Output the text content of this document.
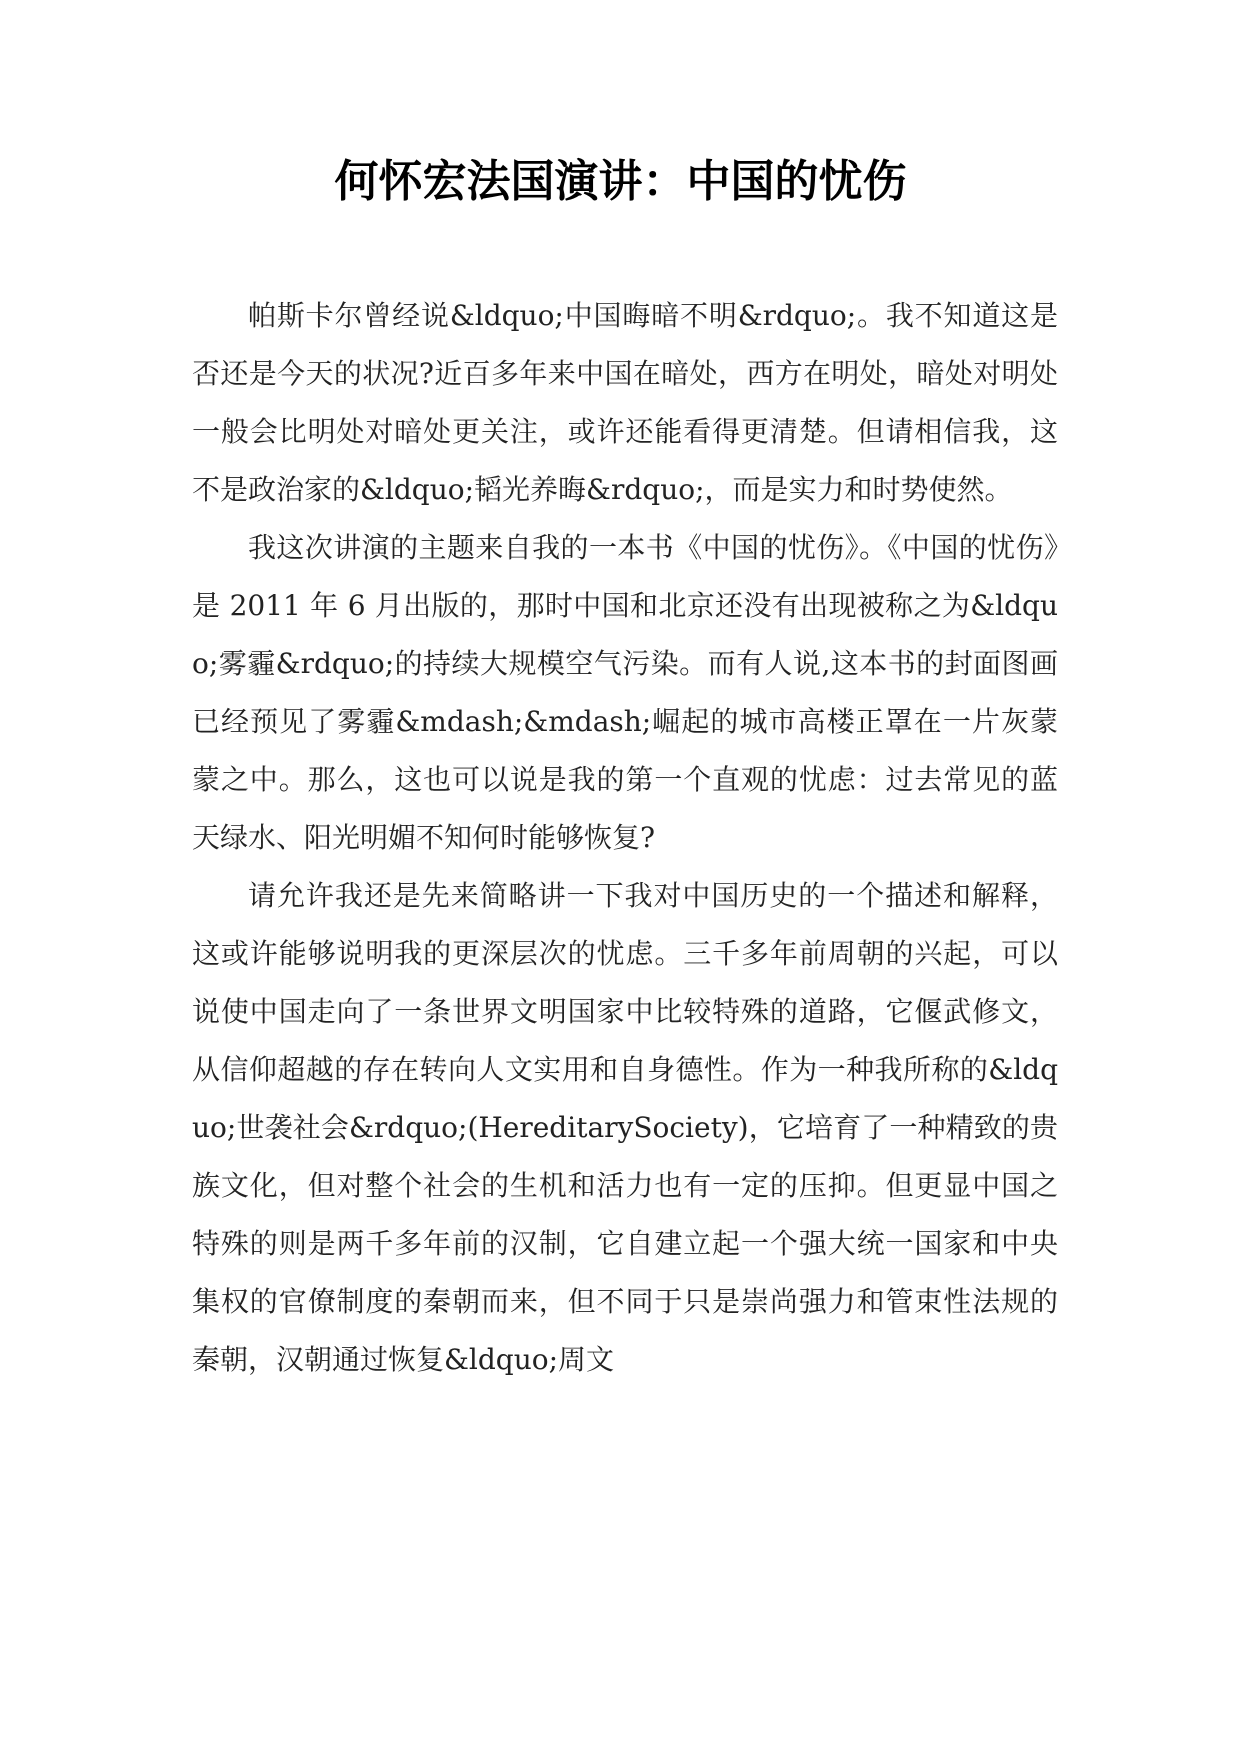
何怀宏法国演讲：中国的忧伤

帕斯卡尔曾经说&ldquo;中国晦暗不明&rdquo;。我不知道这是否还是今天的状况?近百多年来中国在暗处，西方在明处，暗处对明处一般会比明处对暗处更关注，或许还能看得更清楚。但请相信我，这不是政治家的&ldquo;韬光养晦&rdquo;，而是实力和时势使然。

我这次讲演的主题来自我的一本书《中国的忧伤》。《中国的忧伤》是 2011 年 6 月出版的，那时中国和北京还没有出现被称之为&ldquo;雾霾&rdquo;的持续大规模空气污染。而有人说,这本书的封面图画已经预见了雾霾&mdash;&mdash;崛起的城市高楼正罩在一片灰蒙蒙之中。那么，这也可以说是我的第一个直观的忧虑：过去常见的蓝天绿水、阳光明媚不知何时能够恢复?

请允许我还是先来简略讲一下我对中国历史的一个描述和解释，这或许能够说明我的更深层次的忧虑。三千多年前周朝的兴起，可以说使中国走向了一条世界文明国家中比较特殊的道路，它偃武修文，从信仰超越的存在转向人文实用和自身德性。作为一种我所称的&ldquo;世袭社会&rdquo;(HereditarySociety)，它培育了一种精致的贵族文化，但对整个社会的生机和活力也有一定的压抑。但更显中国之特殊的则是两千多年前的汉制，它自建立起一个强大统一国家和中央集权的官僚制度的秦朝而来，但不同于只是崇尚强力和管束性法规的秦朝，汉朝通过恢复&ldquo;周文
